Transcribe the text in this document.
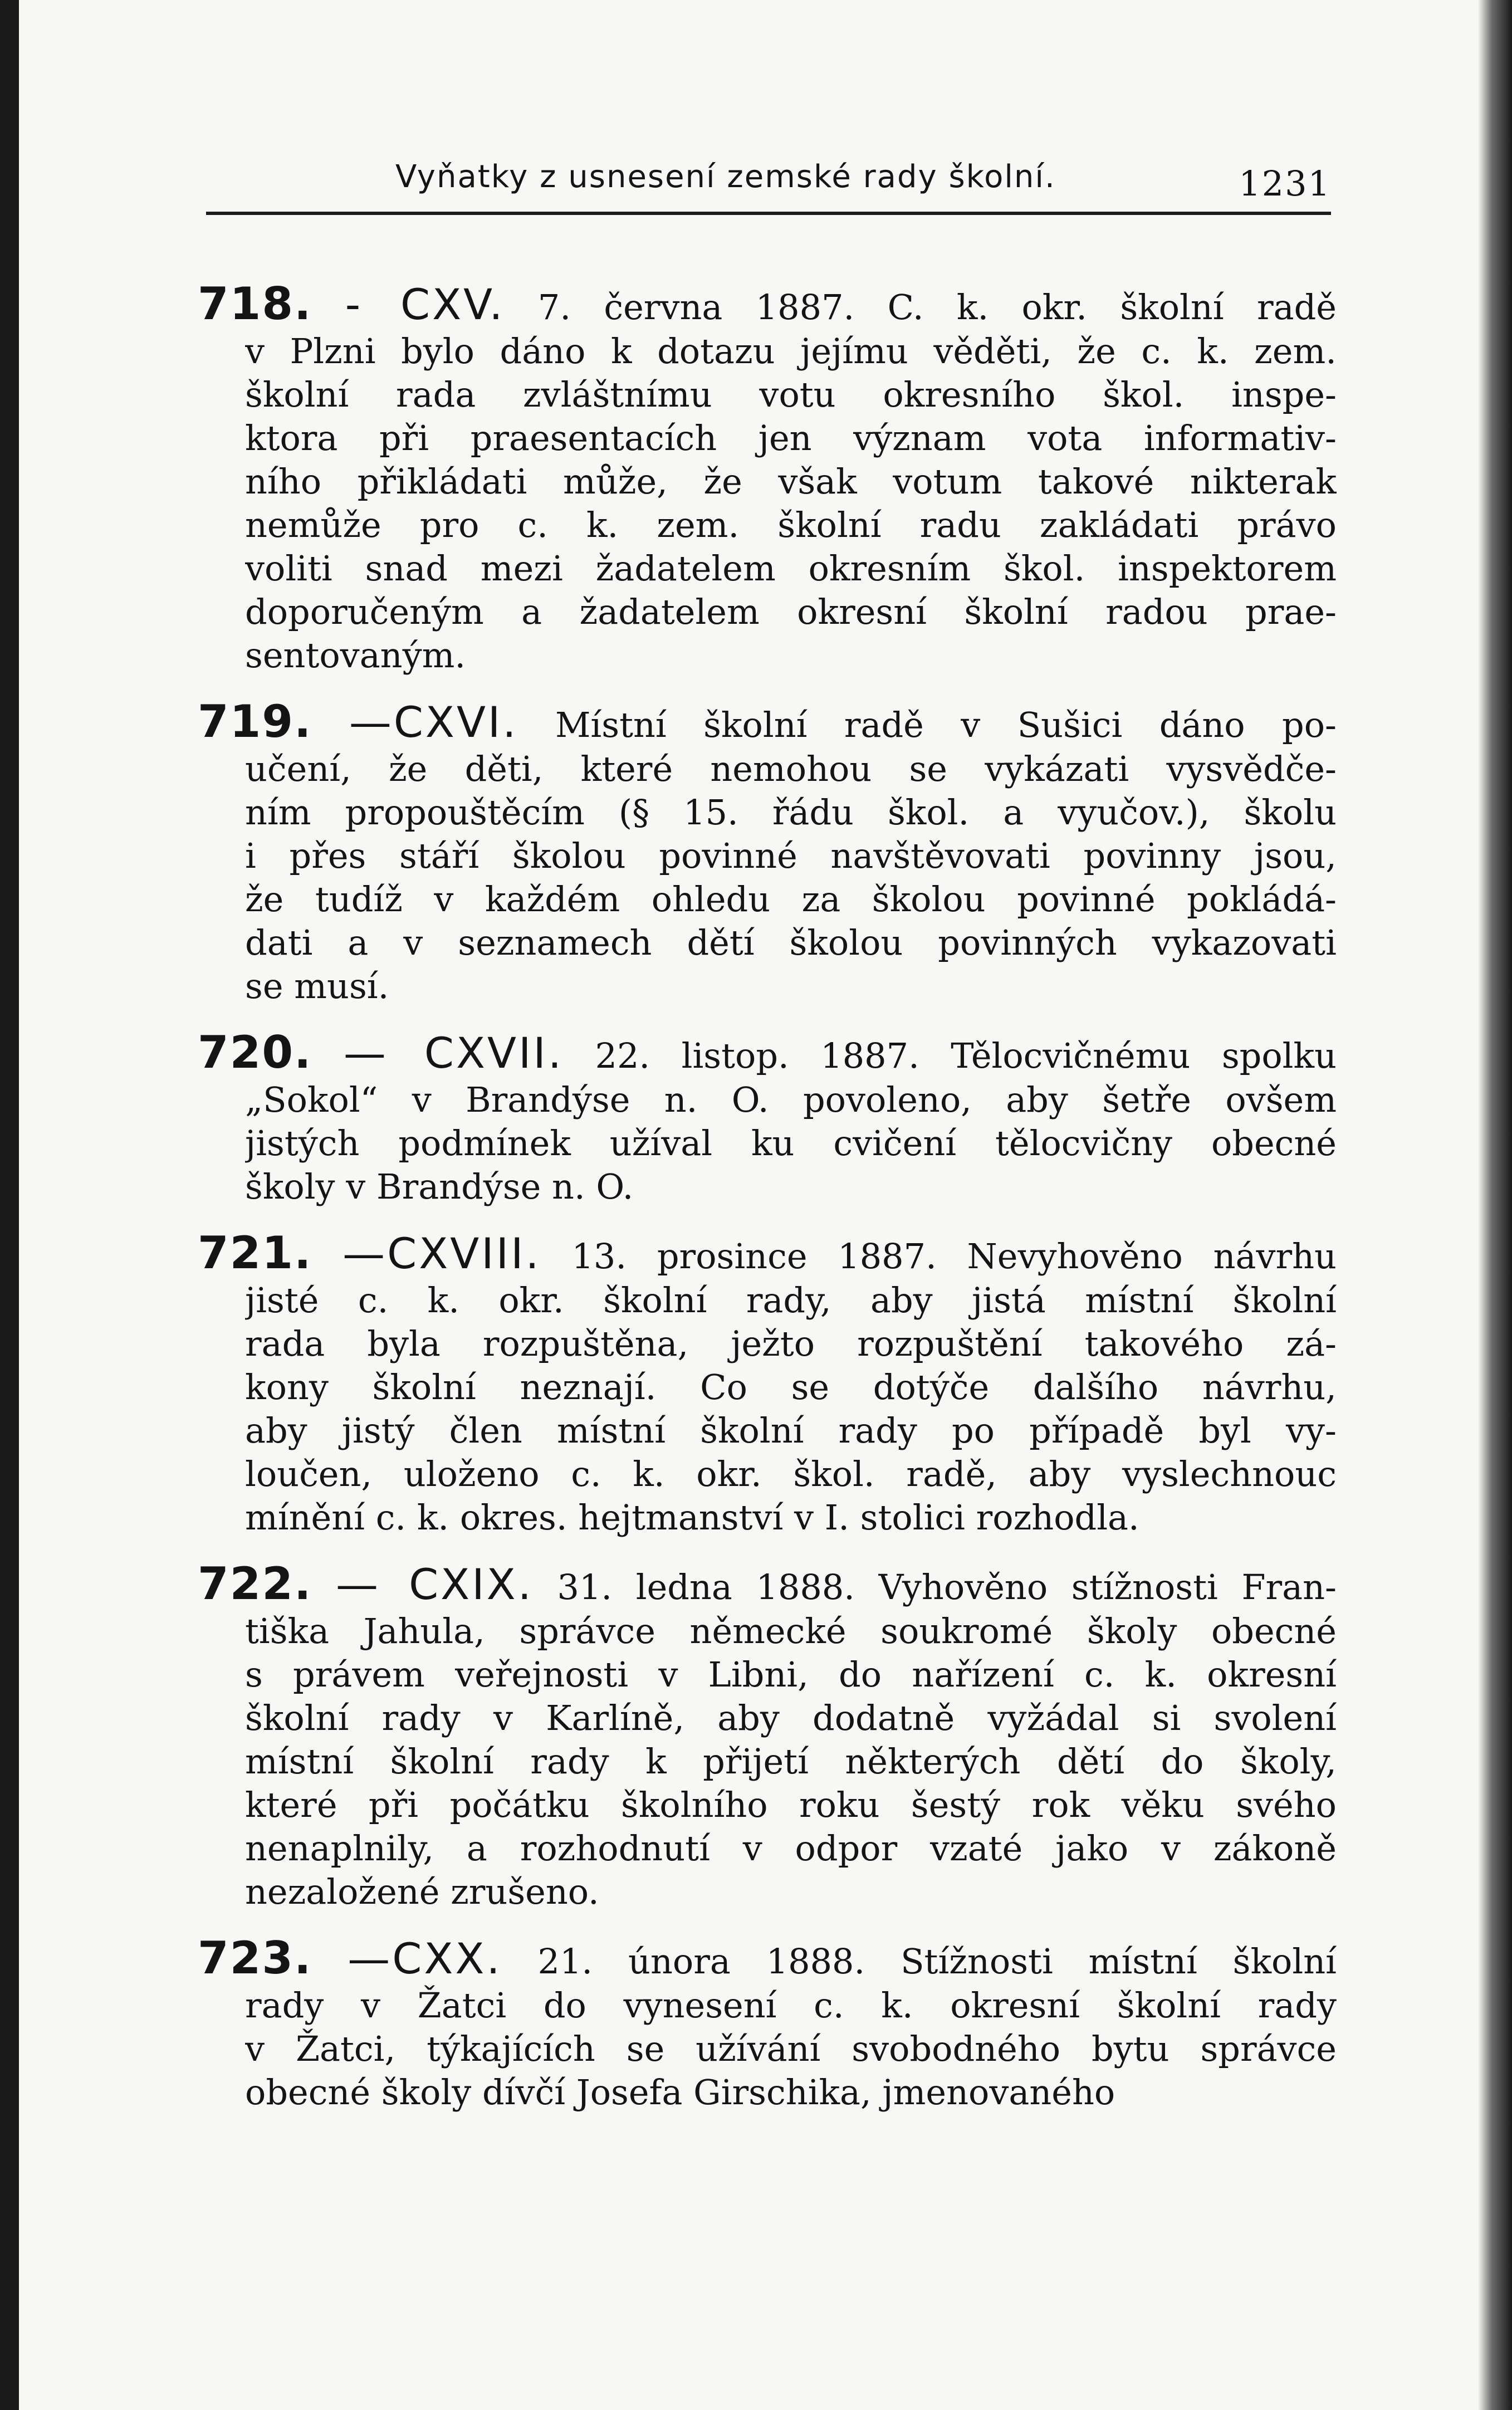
Vyňatky z usnesení zemské rady školní.	1231
718. - CXV. 7. června 1887. C. k. okr. školní radě
v Plzni bylo dáno k dotazu jejímu věděti, že c. k. zem.
školní rada zvláštnímu votu okresního škol. inspe-
ktora při praesentacích jen význam vota informativ-
ního přikládati může, že však votum takové nikterak
nemůže pro c. k. zem. školní radu zakládati právo
voliti snad mezi žadatelem okresním škol. inspektorem
doporučeným a žadatelem okresní školní radou prae-
sentovaným.
719. —CXVI. Místní školní radě v Sušici dáno po-
učení, že děti, které nemohou se vykázati vysvědče-
ním propouštěcím (§ 15. řádu škol. a vyučov.), školu
i přes stáří školou povinné navštěvovati povinny jsou,
že tudíž v každém ohledu za školou povinné pokládá-
dati a v seznamech dětí školou povinných vykazovati
se musí.
720. — CXVII. 22. listop. 1887. Tělocvičnému spolku
„Sokol“ v Brandýse n. O. povoleno, aby šetře ovšem
jistých podmínek užíval ku cvičení tělocvičny obecné
školy v Brandýse n. O.
721. —CXVIII. 13. prosince 1887. Nevyhověno návrhu
jisté c. k. okr. školní rady, aby jistá místní školní
rada byla rozpuštěna, ježto rozpuštění takového zá-
kony školní neznají. Co se dotýče dalšího návrhu,
aby jistý člen místní školní rady po případě byl vy-
loučen, uloženo c. k. okr. škol. radě, aby vyslechnouc
mínění c. k. okres. hejtmanství v I. stolici rozhodla.
722. — CXIX. 31. ledna 1888. Vyhověno stížnosti Fran-
tiška Jahula, správce německé soukromé školy obecné
s právem veřejnosti v Libni, do nařízení c. k. okresní
školní rady v Karlíně, aby dodatně vyžádal si svolení
místní školní rady k přijetí některých dětí do školy,
které při počátku školního roku šestý rok věku svého
nenaplnily, a rozhodnutí v odpor vzaté jako v zákoně
nezaložené zrušeno.
723. —CXX. 21. února 1888. Stížnosti místní školní
rady v Žatci do vynesení c. k. okresní školní rady
v Žatci, týkajících se užívání svobodného bytu správce
obecné školy dívčí Josefa Girschika, jmenovaného
